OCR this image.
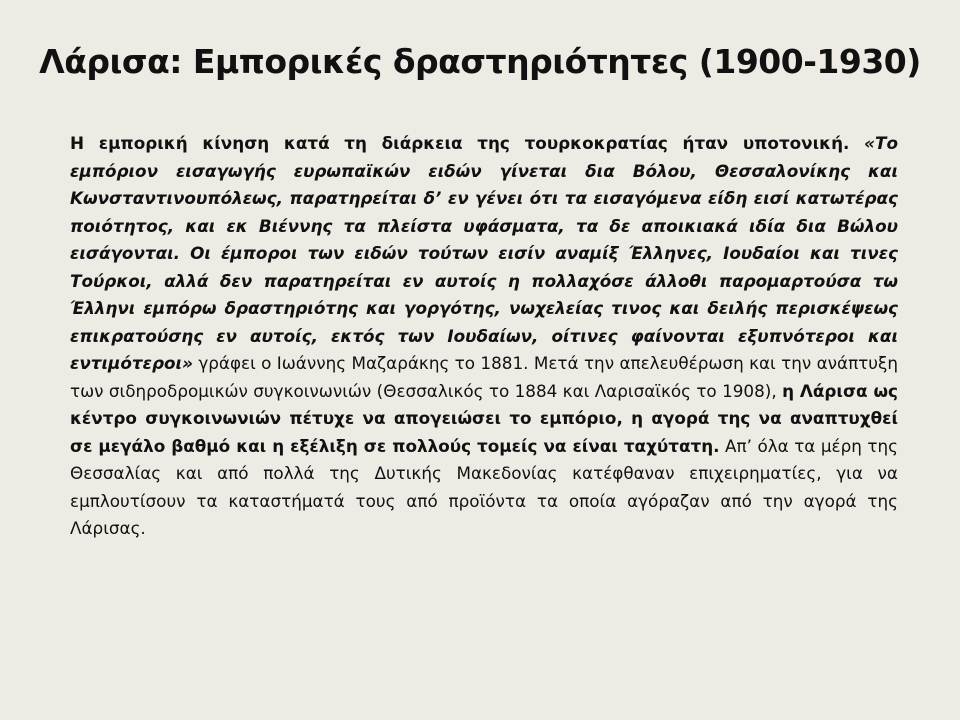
Λάρισα: Εμπορικές δραστηριότητες (1900-1930)

Η εμπορική κίνηση κατά τη διάρκεια της τουρκοκρατίας ήταν υποτονική. «Το εμπόριον εισαγωγής ευρωπαϊκών ειδών γίνεται δια Βόλου, Θεσσαλονίκης και Κωνσταντινουπόλεως, παρατηρείται δ’ εν γένει ότι τα εισαγόμενα είδη εισί κατωτέρας ποιότητος, και εκ Βιέννης τα πλείστα υφάσματα, τα δε αποικιακά ιδία δια Βώλου εισάγονται. Οι έμποροι των ειδών τούτων εισίν αναμίξ Έλληνες, Ιουδαίοι και τινες Τούρκοι, αλλά δεν παρατηρείται εν αυτοίς η πολλαχόσε άλλοθι παρομαρτούσα τω Έλληνι εμπόρω δραστηριότης και γοργότης, νωχελείας τινος και δειλής περισκέψεως επικρατούσης εν αυτοίς, εκτός των Ιουδαίων, οίτινες φαίνονται εξυπνότεροι και εντιμότεροι» γράφει ο Ιωάννης Μαζαράκης το 1881. Μετά την απελευθέρωση και την ανάπτυξη των σιδηροδρομικών συγκοινωνιών (Θεσσαλικός το 1884 και Λαρισαϊκός το 1908), η Λάρισα ως κέντρο συγκοινωνιών πέτυχε να απογειώσει το εμπόριο, η αγορά της να αναπτυχθεί σε μεγάλο βαθμό και η εξέλιξη σε πολλούς τομείς να είναι ταχύτατη. Απ’ όλα τα μέρη της Θεσσαλίας και από πολλά της Δυτικής Μακεδονίας κατέφθαναν επιχειρηματίες, για να εμπλουτίσουν τα καταστήματά τους από προϊόντα τα οποία αγόραζαν από την αγορά της Λάρισας.
